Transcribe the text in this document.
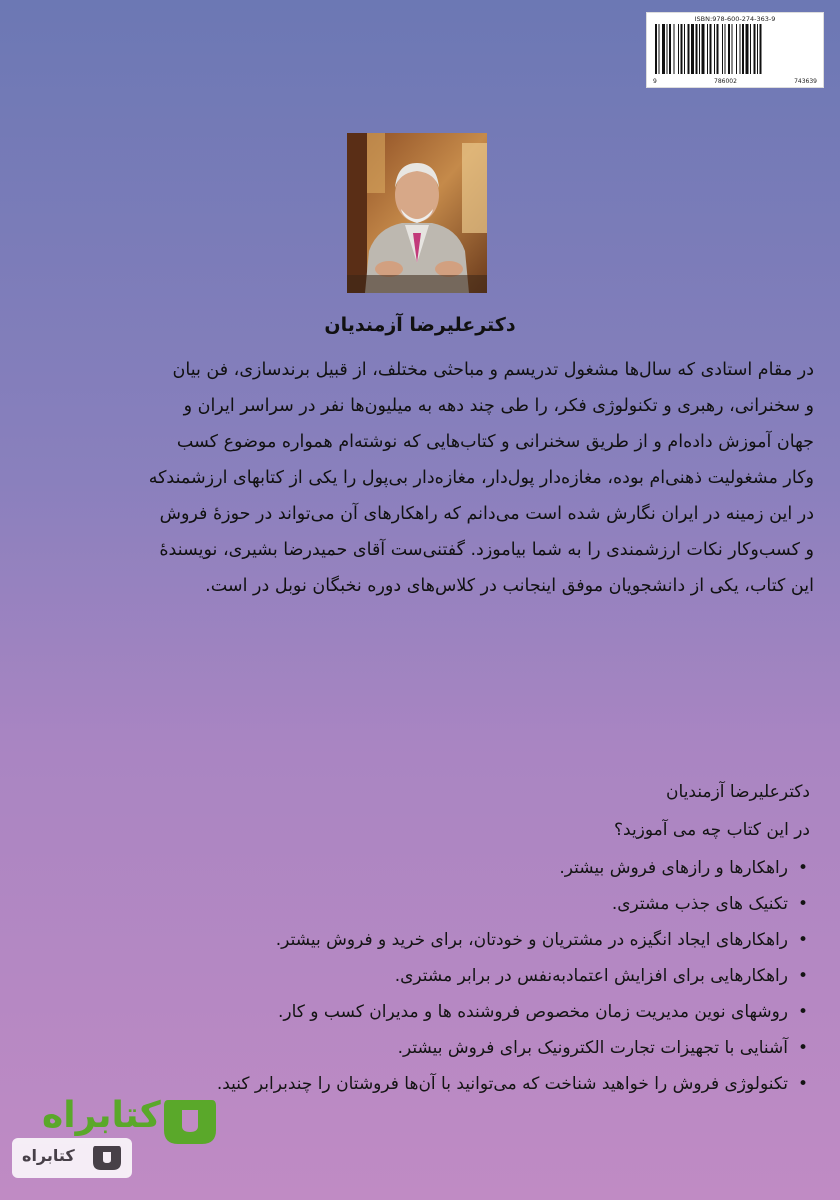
ISBN:978-600-274-363-9
9	786002	743639
دکترعلیرضا آزمندیان

در مقام استادی که سال‌ها مشغول تدریسم و مباحثی مختلف، از قبیل برندسازی، فن بیان

و سخنرانی، رهبری و تکنولوژی فکر، را طی چند دهه به میلیون‌ها نفر در سراسر ایران و

جهان آموزش داده‌ام و از طریق سخنرانی و کتاب‌هایی که نوشته‌ام همواره موضوع کسب

وکار مشغولیت ذهنی‌ام بوده، مغازه‌دار پول‌دار، مغازه‌دار بی‌پول را یکی از کتابهای ارزشمندکه

در این زمینه در ایران نگارش شده است می‌دانم که راهکارهای آن می‌تواند در حوزهٔ فروش

و کسب‌وکار نکات ارزشمندی را به شما بیاموزد. گفتنی‌ست آقای حمیدرضا بشیری، نویسندهٔ

این کتاب، یکی از دانشجویان موفق اینجانب در کلاس‌های دوره نخبگان نوبل در است.

دکترعلیرضا آزمندیان
در این کتاب چه می آموزید؟
•
راهکارها و رازهای فروش بیشتر.
•
تکنیک های جذب مشتری.
•
راهکارهای ایجاد انگیزه در مشتریان و خودتان، برای خرید و فروش بیشتر.
•
راهکارهایی برای افزایش اعتمادبه‌نفس در برابر مشتری.
•
روشهای نوین مدیریت زمان مخصوص فروشنده ها و مدیران کسب و کار.
•
آشنایی با تجهیزات تجارت الکترونیک برای فروش بیشتر.
•
تکنولوژی فروش را خواهید شناخت که می‌توانید با آن‌ها فروشتان را چندبرابر کنید.
کتابراه
کتابراه
